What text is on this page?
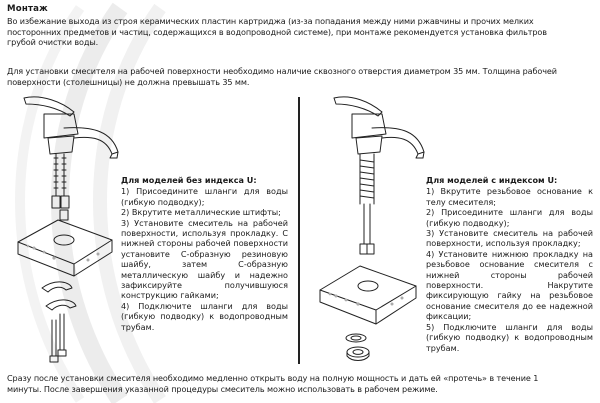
Монтаж
Во избежание выхода из строя керамических пластин картриджа (из-за попадания между ними ржавчины и прочих мелких
посторонних предметов и частиц, содержащихся в водопроводной системе), при монтаже рекомендуется установка фильтров
грубой очистки воды.
Для установки смесителя на рабочей поверхности необходимо наличие сквозного отверстия диаметром 35 мм. Толщина рабочей
поверхности (столешницы) не должна превышать 35 мм.
Для моделей без индекса U:

1) Присоедините шланги для воды (гибкую подводку);

2) Вкрутите металлические штифты;

3) Установите смеситель на рабочей поверхности, используя прокладку. С нижней стороны рабочей поверхности установите С-образную резиновую шайбу, затем С-образную металлическую шайбу и надежно зафиксируйте получившуюся конструкцию гайками;

4) Подключите шланги для воды (гибкую подводку) к водопроводным трубам.

Для моделей с индексом U:

1) Вкрутите резьбовое основание к телу смесителя;

2) Присоедините шланги для воды (гибкую подводку);

3) Установите смеситель на рабочей поверхности, используя прокладку;

4) Установите нижнюю прокладку на резьбовое основание смесителя с нижней стороны рабочей поверхности. Накрутите фиксирующую гайку на резьбовое основание смесителя до ее надежной фиксации;

5) Подключите шланги для воды (гибкую подводку) к водопроводным трубам.

Сразу после установки смесителя необходимо медленно открыть воду на полную мощность и дать ей «протечь» в течение 1
минуты. После завершения указанной процедуры смеситель можно использовать в рабочем режиме.
